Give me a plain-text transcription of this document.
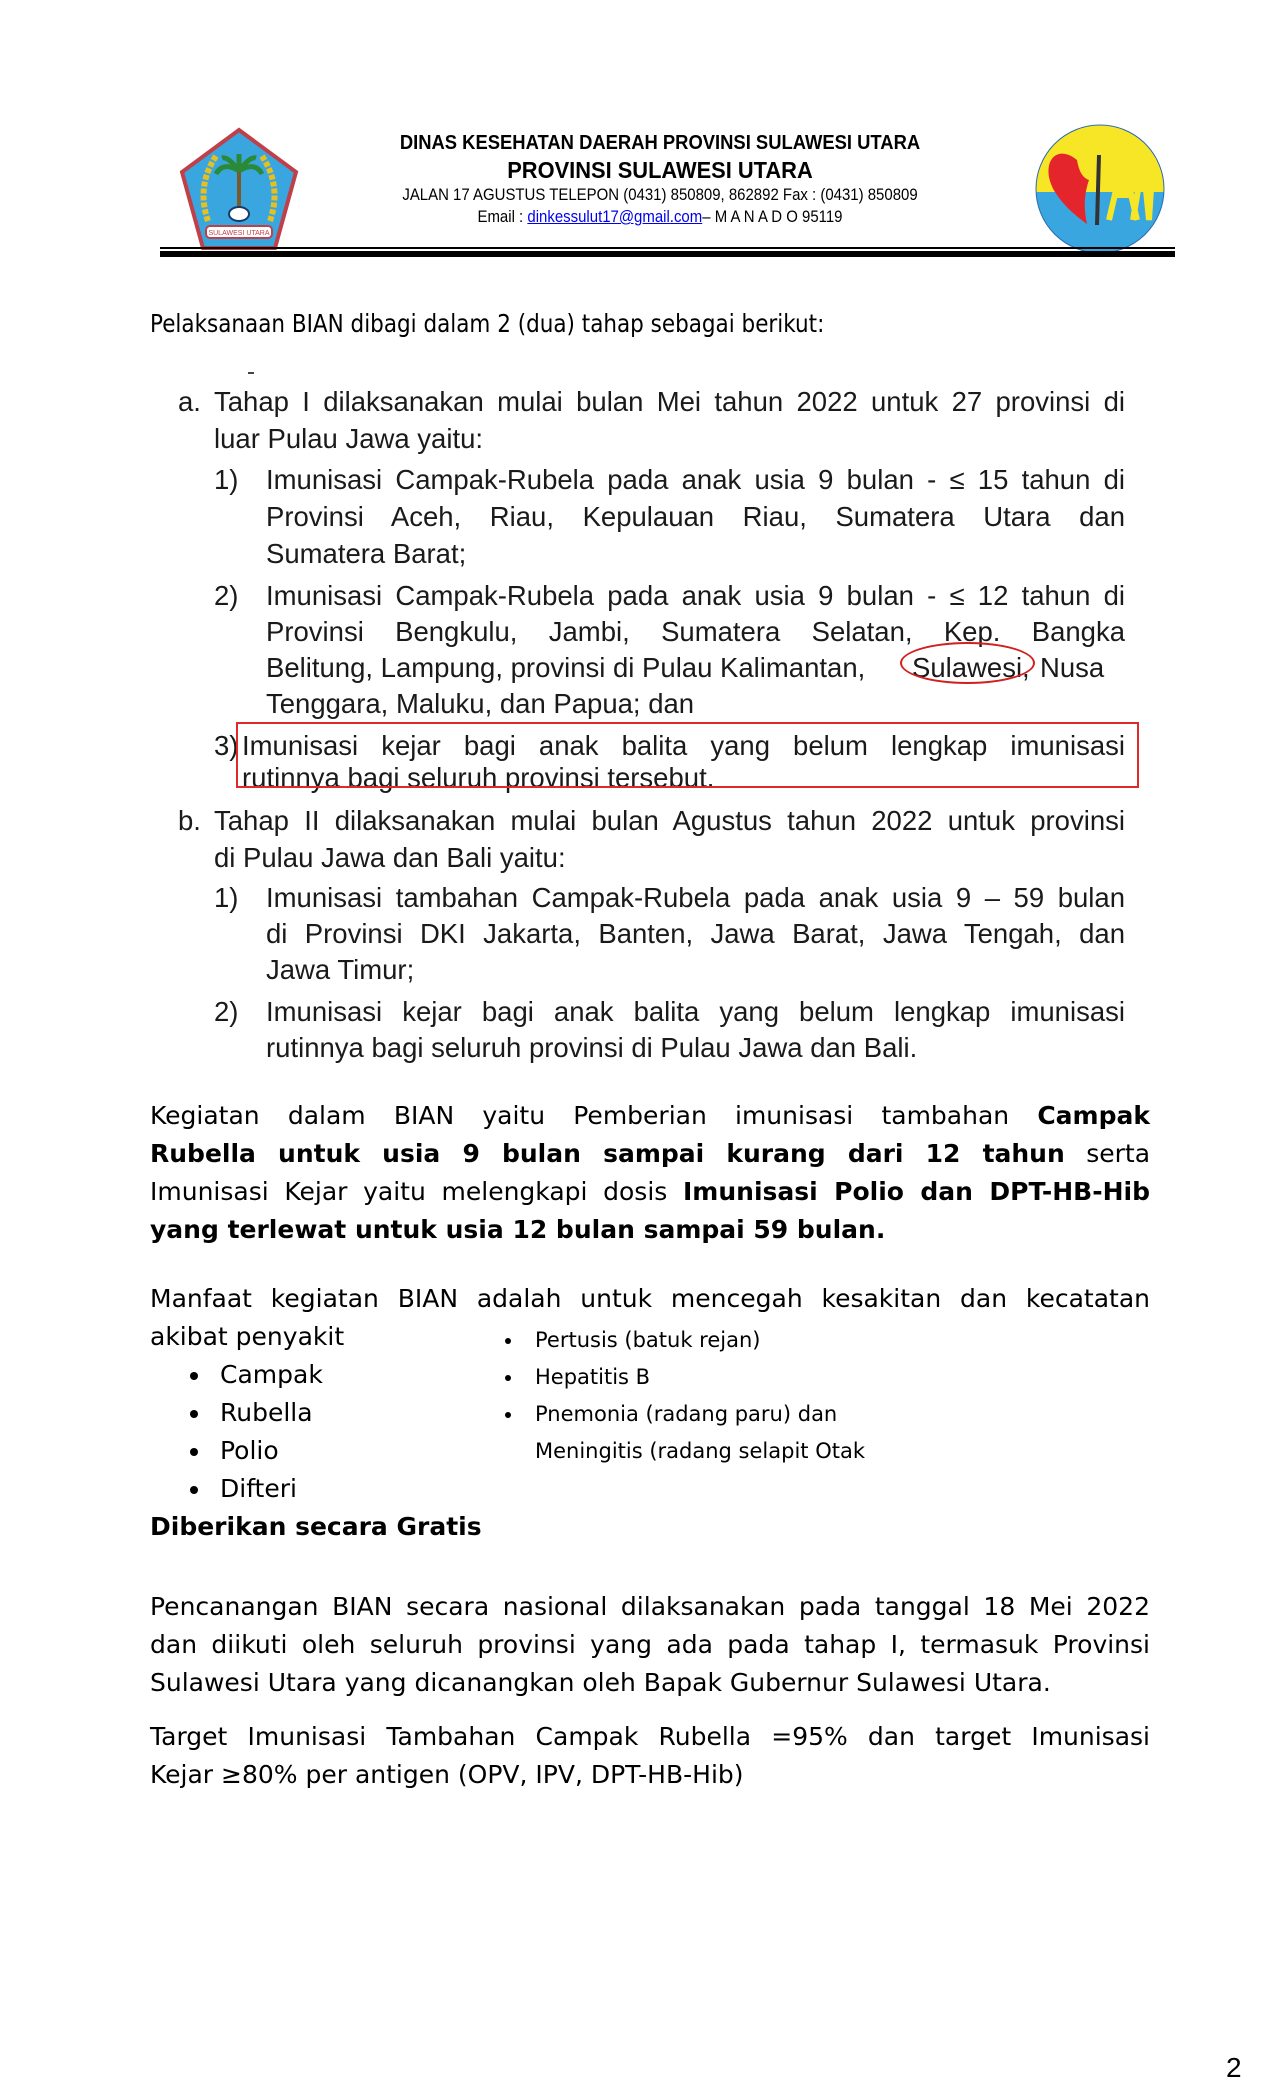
SULAWESI UTARA
DINAS KESEHATAN DAERAH PROVINSI SULAWESI UTARA
PROVINSI SULAWESI UTARA
JALAN 17 AGUSTUS TELEPON (0431) 850809, 862892 Fax : (0431) 850809
Email : dinkessulut17@gmail.com– M A N A D O 95119
Pelaksanaan BIAN dibagi dalam 2 (dua) tahap sebagai berikut:
a. Tahap I dilaksanakan mulai bulan Mei tahun 2022 untuk 27 provinsi di
luar Pulau Jawa yaitu:
1) Imunisasi Campak-Rubela pada anak usia 9 bulan - ≤ 15 tahun di
Provinsi Aceh, Riau, Kepulauan Riau, Sumatera Utara dan
Sumatera Barat;
2) Imunisasi Campak-Rubela pada anak usia 9 bulan - ≤ 12 tahun di
Provinsi Bengkulu, Jambi, Sumatera Selatan, Kep. Bangka
Belitung, Lampung, provinsi di Pulau Kalimantan, Sulawesi, Nusa
Tenggara, Maluku, dan Papua; dan
3) Imunisasi kejar bagi anak balita yang belum lengkap imunisasi
rutinnya bagi seluruh provinsi tersebut.
b. Tahap II dilaksanakan mulai bulan Agustus tahun 2022 untuk provinsi
di Pulau Jawa dan Bali yaitu:
1) Imunisasi tambahan Campak-Rubela pada anak usia 9 – 59 bulan
di Provinsi DKI Jakarta, Banten, Jawa Barat, Jawa Tengah, dan
Jawa Timur;
2) Imunisasi kejar bagi anak balita yang belum lengkap imunisasi
rutinnya bagi seluruh provinsi di Pulau Jawa dan Bali.
Kegiatan dalam BIAN yaitu Pemberian imunisasi tambahan Campak
Rubella untuk usia 9 bulan sampai kurang dari 12 tahun serta
Imunisasi Kejar yaitu melengkapi dosis Imunisasi Polio dan DPT-HB-Hib
yang terlewat untuk usia 12 bulan sampai 59 bulan.
Manfaat kegiatan BIAN adalah untuk mencegah kesakitan dan kecatatan
akibat penyakit
Campak
Rubella
Polio
Difteri
Pertusis (batuk rejan)
Hepatitis B
Pnemonia (radang paru) dan
Meningitis (radang selapit Otak
Diberikan secara Gratis
Pencanangan BIAN secara nasional dilaksanakan pada tanggal 18 Mei 2022
dan diikuti oleh seluruh provinsi yang ada pada tahap I, termasuk Provinsi
Sulawesi Utara yang dicanangkan oleh Bapak Gubernur Sulawesi Utara.
Target Imunisasi Tambahan Campak Rubella =95% dan target Imunisasi
Kejar ≥80% per antigen (OPV, IPV, DPT-HB-Hib)
2
